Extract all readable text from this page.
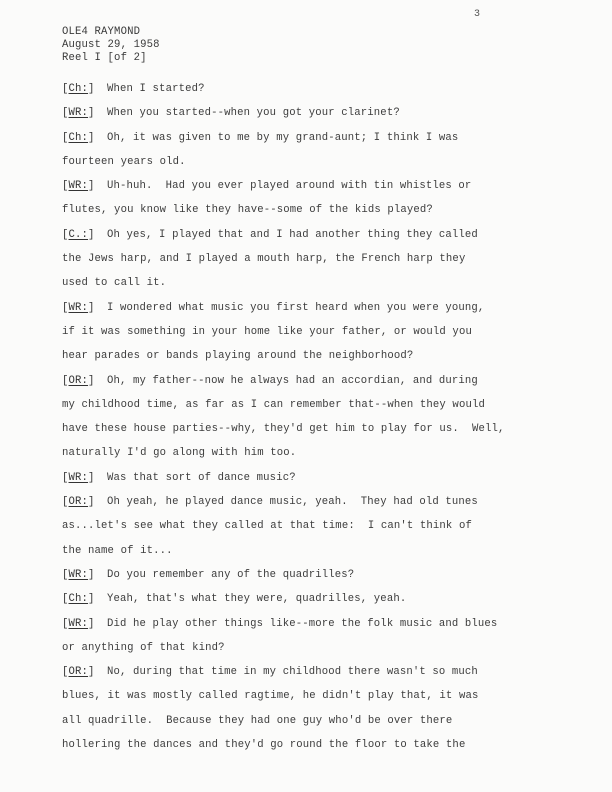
3
OLE4 RAYMOND
August 29, 1958
Reel I [of 2]
[Ch:] When I started?
[WR:] When you started--when you got your clarinet?
[Ch:] Oh, it was given to me by my grand-aunt; I think I was
fourteen years old.
[WR:] Uh-huh.  Had you ever played around with tin whistles or
flutes, you know like they have--some of the kids played?
[C.:] Oh yes, I played that and I had another thing they called
the Jews harp, and I played a mouth harp, the French harp they
used to call it.
[WR:] I wondered what music you first heard when you were young,
if it was something in your home like your father, or would you
hear parades or bands playing around the neighborhood?
[OR:] Oh, my father--now he always had an accordian, and during
my childhood time, as far as I can remember that--when they would
have these house parties--why, they'd get him to play for us.  Well,
naturally I'd go along with him too.
[WR:] Was that sort of dance music?
[OR:] Oh yeah, he played dance music, yeah.  They had old tunes
as...let's see what they called at that time:  I can't think of
the name of it...
[WR:] Do you remember any of the quadrilles?
[Ch:] Yeah, that's what they were, quadrilles, yeah.
[WR:] Did he play other things like--more the folk music and blues
or anything of that kind?
[OR:] No, during that time in my childhood there wasn't so much
blues, it was mostly called ragtime, he didn't play that, it was
all quadrille.  Because they had one guy who'd be over there
hollering the dances and they'd go round the floor to take the
